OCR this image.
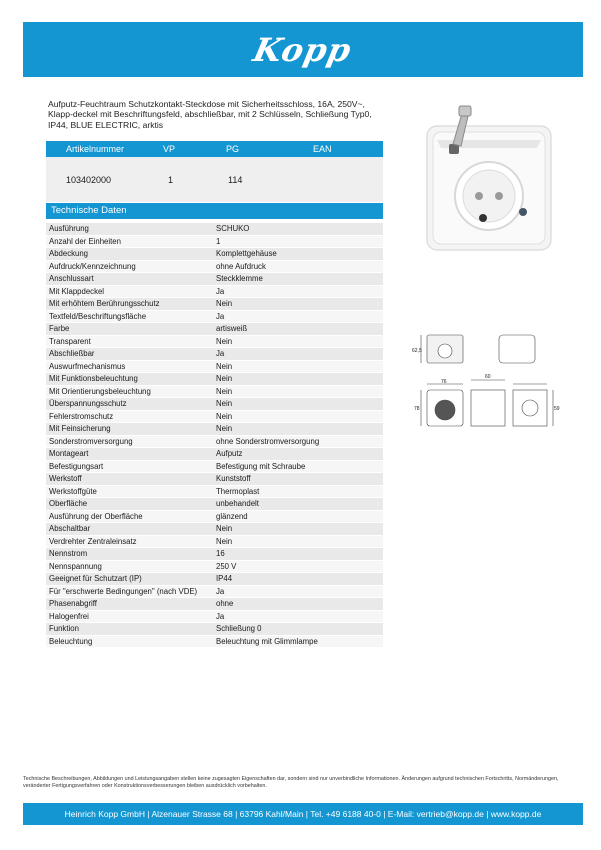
Kopp
Aufputz-Feuchtraum Schutzkontakt-Steckdose mit Sicherheitsschloss, 16A, 250V~, Klapp-deckel mit Beschriftungsfeld, abschließbar, mit 2 Schlüsseln, Schließung Typ0, IP44, BLUE ELECTRIC, arktis
Artikelnummer	VP	PG	EAN
103402000	1	114
Technische Daten
Ausführung	SCHUKO
Anzahl der Einheiten	1
Abdeckung	Komplettgehäuse
Aufdruck/Kennzeichnung	ohne Aufdruck
Anschlussart	Steckklemme
Mit Klappdeckel	Ja
Mit erhöhtem Berührungsschutz	Nein
Textfeld/Beschriftungsfläche	Ja
Farbe	artisweiß
Transparent	Nein
Abschließbar	Ja
Auswurfmechanismus	Nein
Mit Funktionsbeleuchtung	Nein
Mit Orientierungsbeleuchtung	Nein
Überspannungsschutz	Nein
Fehlerstromschutz	Nein
Mit Feinsicherung	Nein
Sonderstromversorgung	ohne Sonderstromversorgung
Montageart	Aufputz
Befestigungsart	Befestigung mit Schraube
Werkstoff	Kunststoff
Werkstoffgüte	Thermoplast
Oberfläche	unbehandelt
Ausführung der Oberfläche	glänzend
Abschaltbar	Nein
Verdrehter Zentraleinsatz	Nein
Nennstrom	16
Nennspannung	250 V
Geeignet für Schutzart (IP)	IP44
Für "erschwerte Bedingungen" (nach VDE) Ja
Phasenabgriff	ohne
Halogenfrei	Ja
Funktion	Schließung 0
Beleuchtung	Beleuchtung mit Glimmlampe
62,5
60
76
78	59
Technische Beschreibungen, Abbildungen und Leistungsangaben stellen keine zugesagten Eigenschaften dar, sondern sind nur unverbindliche Informationen. Änderungen aufgrund technischen Fortschritts, Normänderungen, veränderter Fertigungsverfahren oder Konstruktionsverbesserungen bleiben ausdrücklich vorbehalten.
Heinrich Kopp GmbH | Alzenauer Strasse 68 | 63796 Kahl/Main | Tel. +49 6188 40-0 | E-Mail: vertrieb@kopp.de | www.kopp.de
